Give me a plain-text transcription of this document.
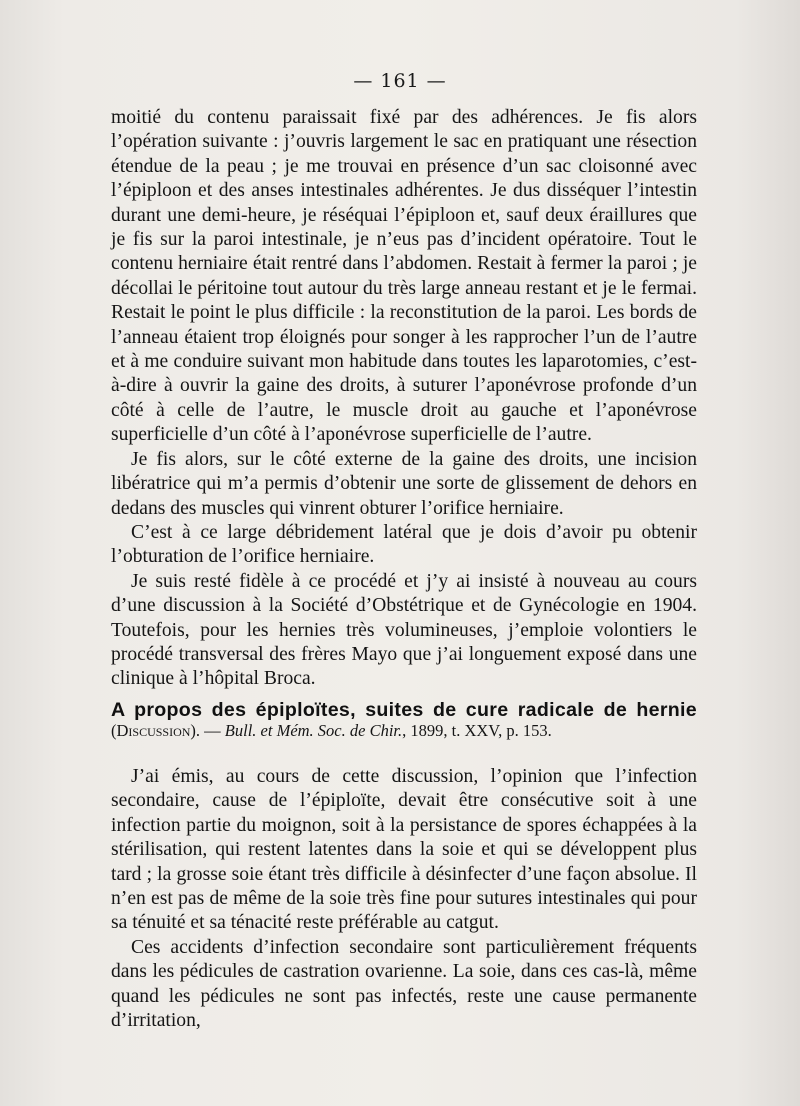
— 161 —

moitié du contenu paraissait fixé par des adhérences. Je fis alors l’opération suivante : j’ouvris largement le sac en pratiquant une résection étendue de la peau ; je me trouvai en présence d’un sac cloisonné avec l’épiploon et des anses intestinales adhérentes. Je dus disséquer l’intestin durant une demi-heure, je réséquai l’épiploon et, sauf deux éraillures que je fis sur la paroi intestinale, je n’eus pas d’incident opératoire. Tout le contenu herniaire était rentré dans l’abdomen. Restait à fermer la paroi ; je décollai le péritoine tout autour du très large anneau restant et je le fermai. Restait le point le plus difficile : la reconstitution de la paroi. Les bords de l’anneau étaient trop éloignés pour songer à les rapprocher l’un de l’autre et à me conduire suivant mon habitude dans toutes les laparotomies, c’est-à-dire à ouvrir la gaine des droits, à suturer l’aponévrose profonde d’un côté à celle de l’autre, le muscle droit au gauche et l’aponévrose superficielle d’un côté à l’aponévrose superficielle de l’autre.

Je fis alors, sur le côté externe de la gaine des droits, une incision libératrice qui m’a permis d’obtenir une sorte de glissement de dehors en dedans des muscles qui vinrent obturer l’orifice herniaire.

C’est à ce large débridement latéral que je dois d’avoir pu obtenir l’obturation de l’orifice herniaire.

Je suis resté fidèle à ce procédé et j’y ai insisté à nouveau au cours d’une discussion à la Société d’Obstétrique et de Gynécologie en 1904. Toutefois, pour les hernies très volumineuses, j’emploie volontiers le procédé transversal des frères Mayo que j’ai longuement exposé dans une clinique à l’hôpital Broca.

A propos des épiploïtes, suites de cure radicale de hernie
(Discussion). — Bull. et Mém. Soc. de Chir., 1899, t. XXV, p. 153.

J’ai émis, au cours de cette discussion, l’opinion que l’infection secondaire, cause de l’épiploïte, devait être consécutive soit à une infection partie du moignon, soit à la persistance de spores échappées à la stérilisation, qui restent latentes dans la soie et qui se développent plus tard ; la grosse soie étant très difficile à désinfecter d’une façon absolue. Il n’en est pas de même de la soie très fine pour sutures intestinales qui pour sa ténuité et sa ténacité reste préférable au catgut.

Ces accidents d’infection secondaire sont particulièrement fréquents dans les pédicules de castration ovarienne. La soie, dans ces cas-là, même quand les pédicules ne sont pas infectés, reste une cause permanente d’irritation,
